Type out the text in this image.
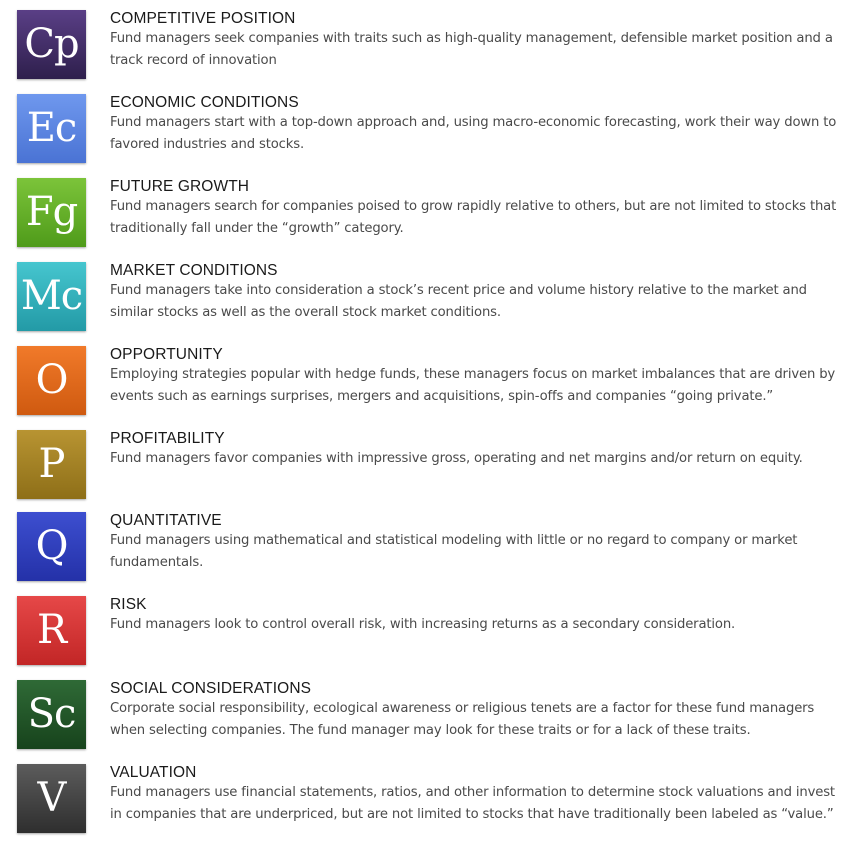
Cp
COMPETITIVE POSITION
Fund managers seek companies with traits such as high-quality management, defensible market position and a
track record of innovation
Ec
ECONOMIC CONDITIONS
Fund managers start with a top-down approach and, using macro-economic forecasting, work their way down to
favored industries and stocks.
Fg
FUTURE GROWTH
Fund managers search for companies poised to grow rapidly relative to others, but are not limited to stocks that
traditionally fall under the “growth” category.
Mc
MARKET CONDITIONS
Fund managers take into consideration a stock’s recent price and volume history relative to the market and
similar stocks as well as the overall stock market conditions.
O
OPPORTUNITY
Employing strategies popular with hedge funds, these managers focus on market imbalances that are driven by
events such as earnings surprises, mergers and acquisitions, spin-offs and companies “going private.”
P
PROFITABILITY
Fund managers favor companies with impressive gross, operating and net margins and/or return on equity.
Q
QUANTITATIVE
Fund managers using mathematical and statistical modeling with little or no regard to company or market
fundamentals.
R
RISK
Fund managers look to control overall risk, with increasing returns as a secondary consideration.
Sc
SOCIAL CONSIDERATIONS
Corporate social responsibility, ecological awareness or religious tenets are a factor for these fund managers
when selecting companies. The fund manager may look for these traits or for a lack of these traits.
V
VALUATION
Fund managers use financial statements, ratios, and other information to determine stock valuations and invest
in companies that are underpriced, but are not limited to stocks that have traditionally been labeled as “value.”
